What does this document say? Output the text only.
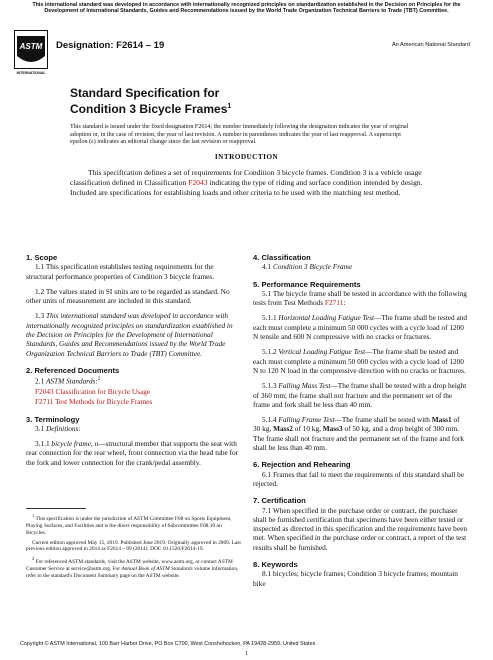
This international standard was developed in accordance with internationally recognized principles on standardization established in the Decision on Principles for the Development of International Standards, Guides and Recommendations issued by the World Trade Organization Technical Barriers to Trade (TBT) Committee.
ASTM
INTERNATIONAL
Designation: F2614 – 19	An American National Standard
Standard Specification for
Condition 3 Bicycle Frames$^1$
This standard is issued under the fixed designation F2614; the number immediately following the designation indicates the year of original adoption or, in the case of revision, the year of last revision. A number in parentheses indicates the year of last reapproval. A superscript epsilon (ε) indicates an editorial change since the last revision or reapproval.
INTRODUCTION
This specification defines a set of requirements for Condition 3 bicycle frames. Condition 3 is a vehicle usage classification defined in Classification F2043 indicating the type of riding and surface condition intended by design. Included are specifications for establishing loads and other criteria to be used with the matching test method.

1. Scope

1.1 This specification establishes testing requirements for the structural performance properties of Condition 3 bicycle frames.

1.2 The values stated in SI units are to be regarded as standard. No other units of measurement are included in this standard.

1.3 This international standard was developed in accordance with internationally recognized principles on standardization established in the Decision on Principles for the Development of International Standards, Guides and Recommendations issued by the World Trade Organization Technical Barriers to Trade (TBT) Committee.

2. Referenced Documents

2.1 ASTM Standards:$^2$

F2043 Classification for Bicycle Usage

F2711 Test Methods for Bicycle Frames

3. Terminology

3.1 Definitions:

3.1.1 bicycle frame, n—structural member that supports the seat with rear connection for the rear wheel, front connection via the head tube for the fork and lower connection for the crank/pedal assembly.

$^1$ This specification is under the jurisdiction of ASTM Committee F08 on Sports Equipment, Playing Surfaces, and Facilities and is the direct responsibility of Subcommittee F08.10 on Bicycles.

Current edition approved May 15, 2019. Published June 2019. Originally approved in 2009. Last previous edition approved in 2014 as F2614 – 09 (2014). DOI: 10.1520/F2614-19.

$^2$ For referenced ASTM standards, visit the ASTM website, www.astm.org, or contact ASTM Customer Service at service@astm.org. For Annual Book of ASTM Standards volume information, refer to the standard's Document Summary page on the ASTM website.

4. Classification

4.1 Condition 3 Bicycle Frame

5. Performance Requirements

5.1 The bicycle frame shall be tested in accordance with the following tests from Test Methods F2711:

5.1.1 Horizontal Loading Fatigue Test—The frame shall be tested and each must complete a minimum 50 000 cycles with a cycle load of 1200 N tensile and 600 N compressive with no cracks or fractures.

5.1.2 Vertical Loading Fatigue Test—The frame shall be tested and each must complete a minimum 50 000 cycles with a cycle load of 1200 N to 120 N load in the compressive direction with no cracks or fractures.

5.1.3 Falling Mass Test—The frame shall be tested with a drop height of 360 mm; the frame shall not fracture and the permanent set of the frame and fork shall be less than 40 mm.

5.1.4 Falling Frame Test—The frame shall be tested with Mass1 of 30 kg, Mass2 of 10 kg, Mass3 of 50 kg, and a drop height of 300 mm. The frame shall not fracture and the permanent set of the frame and fork shall be less than 40 mm.

6. Rejection and Rehearing

6.1 Frames that fail to meet the requirements of this standard shall be rejected.

7. Certification

7.1 When specified in the purchase order or contract, the purchaser shall be furnished certification that specimens have been either tested or inspected as directed in this specification and the requirements have been met. When specified in the purchase order or contract, a report of the test results shall be furnished.

8. Keywords

8.1 bicycles; bicycle frames; Condition 3 bicycle frames; mountain bike

Copyright © ASTM International, 100 Barr Harbor Drive, PO Box C700, West Conshohocken, PA 19428-2959. United States
1
